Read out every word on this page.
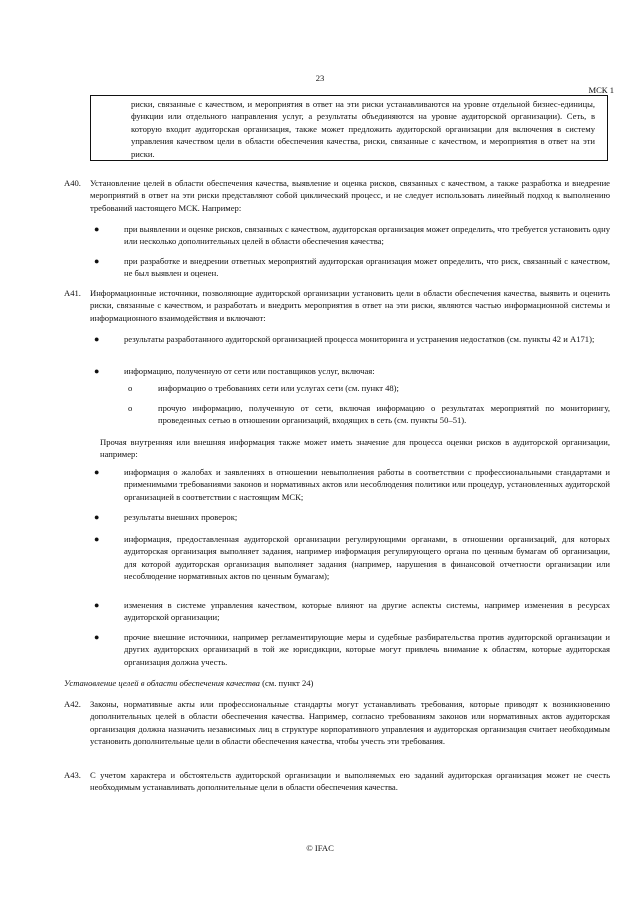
23
МСК 1
риски, связанные с качеством, и мероприятия в ответ на эти риски устанавливаются на уровне отдельной бизнес-единицы, функции или отдельного направления услуг, а результаты объединяются на уровне аудиторской организации). Сеть, в которую входит аудиторская организация, также может предложить аудиторской организации для включения в систему управления качеством цели в области обеспечения качества, риски, связанные с качеством, и мероприятия в ответ на эти риски.
A40. Установление целей в области обеспечения качества, выявление и оценка рисков, связанных с качеством, а также разработка и внедрение мероприятий в ответ на эти риски представляют собой циклический процесс, и не следует использовать линейный подход к выполнению требований настоящего МСК. Например:
●	при выявлении и оценке рисков, связанных с качеством, аудиторская организация может определить, что требуется установить одну или несколько дополнительных целей в области обеспечения качества;
●	при разработке и внедрении ответных мероприятий аудиторская организация может определить, что риск, связанный с качеством, не был выявлен и оценен.
A41. Информационные источники, позволяющие аудиторской организации установить цели в области обеспечения качества, выявить и оценить риски, связанные с качеством, и разработать и внедрить мероприятия в ответ на эти риски, являются частью информационной системы и информационного взаимодействия и включают:
●	результаты разработанного аудиторской организацией процесса мониторинга и устранения недостатков (см. пункты 42 и А171);
●	информацию, полученную от сети или поставщиков услуг, включая:
o	информацию о требованиях сети или услугах сети (см. пункт 48);
o	прочую информацию, полученную от сети, включая информацию о результатах мероприятий по мониторингу, проведенных сетью в отношении организаций, входящих в сеть (см. пункты 50–51).
Прочая внутренняя или внешняя информация также может иметь значение для процесса оценки рисков в аудиторской организации, например:
●	информация о жалобах и заявлениях в отношении невыполнения работы в соответствии с профессиональными стандартами и применимыми требованиями законов и нормативных актов или несоблюдения политики или процедур, установленных аудиторской организацией в соответствии с настоящим МСК;
●	результаты внешних проверок;
●	информация, предоставленная аудиторской организации регулирующими органами, в отношении организаций, для которых аудиторская организация выполняет задания, например информация регулирующего органа по ценным бумагам об организации, для которой аудиторская организация выполняет задания (например, нарушения в финансовой отчетности организации или несоблюдение нормативных актов по ценным бумагам);
●	изменения в системе управления качеством, которые влияют на другие аспекты системы, например изменения в ресурсах аудиторской организации;
●	прочие внешние источники, например регламентирующие меры и судебные разбирательства против аудиторской организации и других аудиторских организаций в той же юрисдикции, которые могут привлечь внимание к областям, которые аудиторская организация должна учесть.
Установление целей в области обеспечения качества (см. пункт 24)
A42. Законы, нормативные акты или профессиональные стандарты могут устанавливать требования, которые приводят к возникновению дополнительных целей в области обеспечения качества. Например, согласно требованиям законов или нормативных актов аудиторская организация должна назначить независимых лиц в структуре корпоративного управления и аудиторская организация считает необходимым установить дополнительные цели в области обеспечения качества, чтобы учесть эти требования.
A43. С учетом характера и обстоятельств аудиторской организации и выполняемых ею заданий аудиторская организация может не счесть необходимым устанавливать дополнительные цели в области обеспечения качества.
© IFAC
